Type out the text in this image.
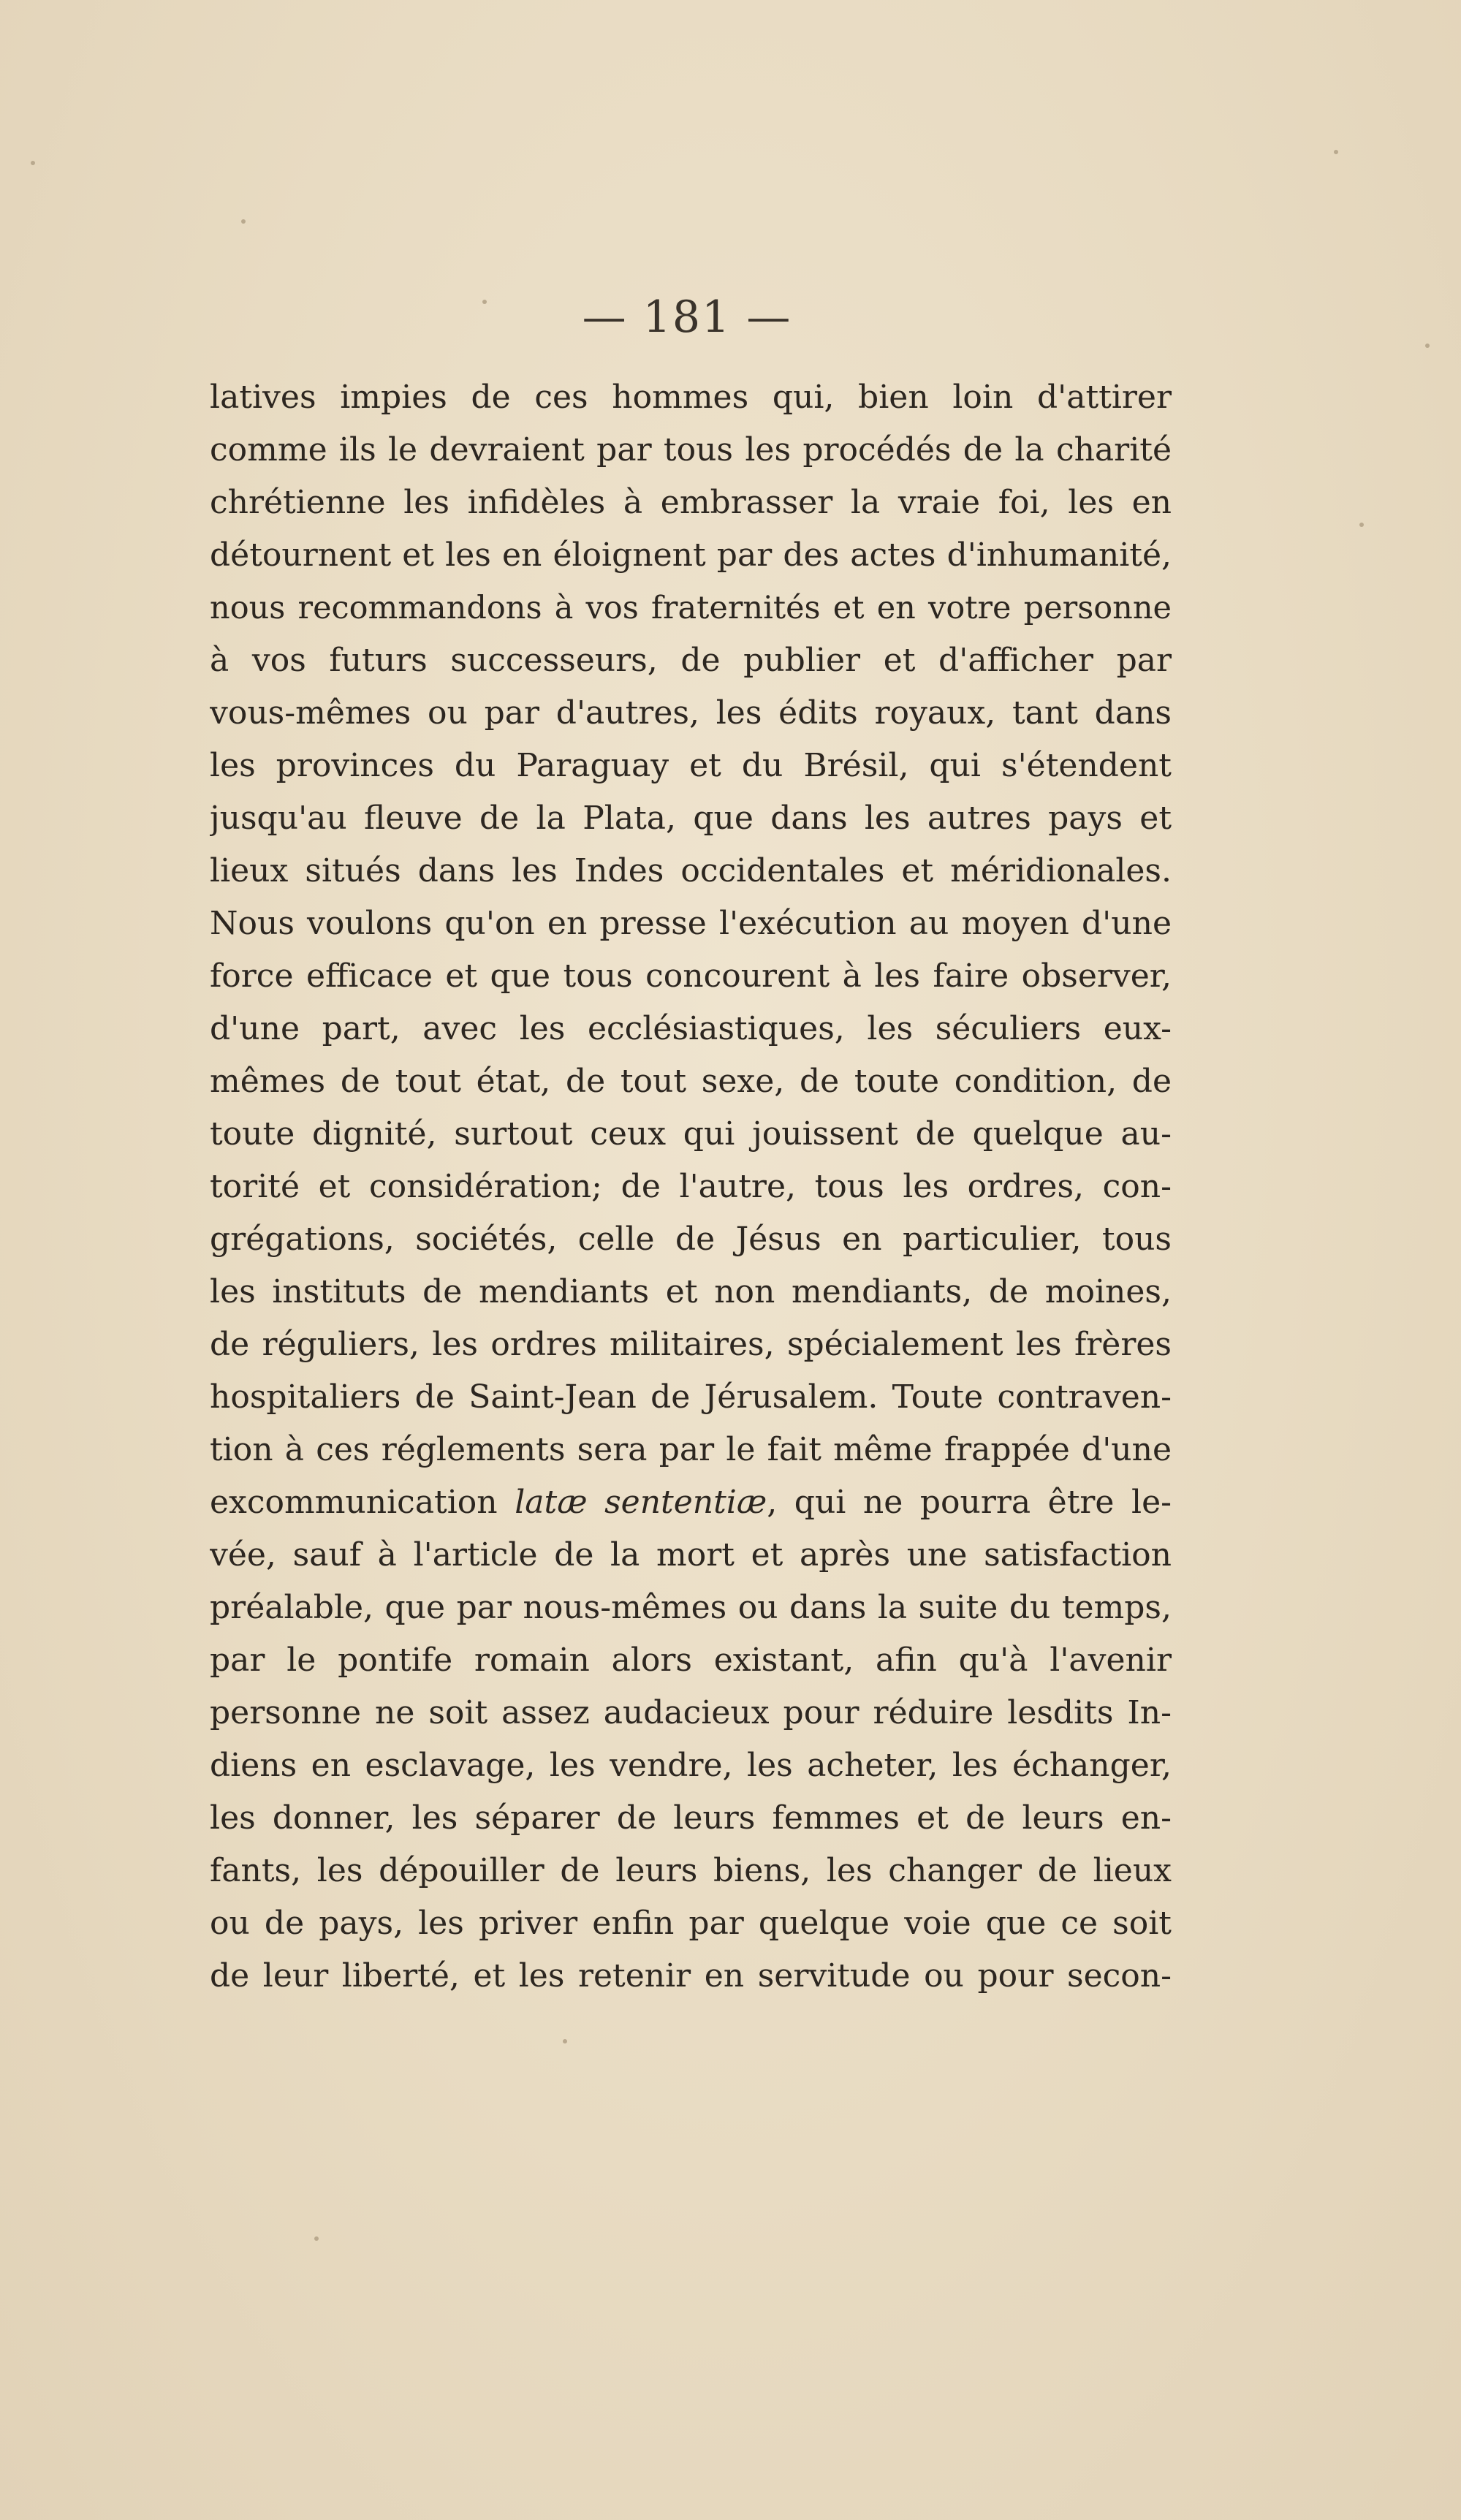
— 181 —
latives impies de ces hommes qui, bien loin d'attirer
comme ils le devraient par tous les procédés de la charité
chrétienne les infidèles à embrasser la vraie foi, les en
détournent et les en éloignent par des actes d'inhumanité,
nous recommandons à vos fraternités et en votre personne
à vos futurs successeurs, de publier et d'afficher par
vous-mêmes ou par d'autres, les édits royaux, tant dans
les provinces du Paraguay et du Brésil, qui s'étendent
jusqu'au fleuve de la Plata, que dans les autres pays et
lieux situés dans les Indes occidentales et méridionales.
Nous voulons qu'on en presse l'exécution au moyen d'une
force efficace et que tous concourent à les faire observer,
d'une part, avec les ecclésiastiques, les séculiers eux-
mêmes de tout état, de tout sexe, de toute condition, de
toute dignité, surtout ceux qui jouissent de quelque au-
torité et considération; de l'autre, tous les ordres, con-
grégations, sociétés, celle de Jésus en particulier, tous
les instituts de mendiants et non mendiants, de moines,
de réguliers, les ordres militaires, spécialement les frères
hospitaliers de Saint-Jean de Jérusalem. Toute contraven-
tion à ces réglements sera par le fait même frappée d'une
excommunication latæ sententiæ, qui ne pourra être le-
vée, sauf à l'article de la mort et après une satisfaction
préalable, que par nous-mêmes ou dans la suite du temps,
par le pontife romain alors existant, afin qu'à l'avenir
personne ne soit assez audacieux pour réduire lesdits In-
diens en esclavage, les vendre, les acheter, les échanger,
les donner, les séparer de leurs femmes et de leurs en-
fants, les dépouiller de leurs biens, les changer de lieux
ou de pays, les priver enfin par quelque voie que ce soit
de leur liberté, et les retenir en servitude ou pour secon-
